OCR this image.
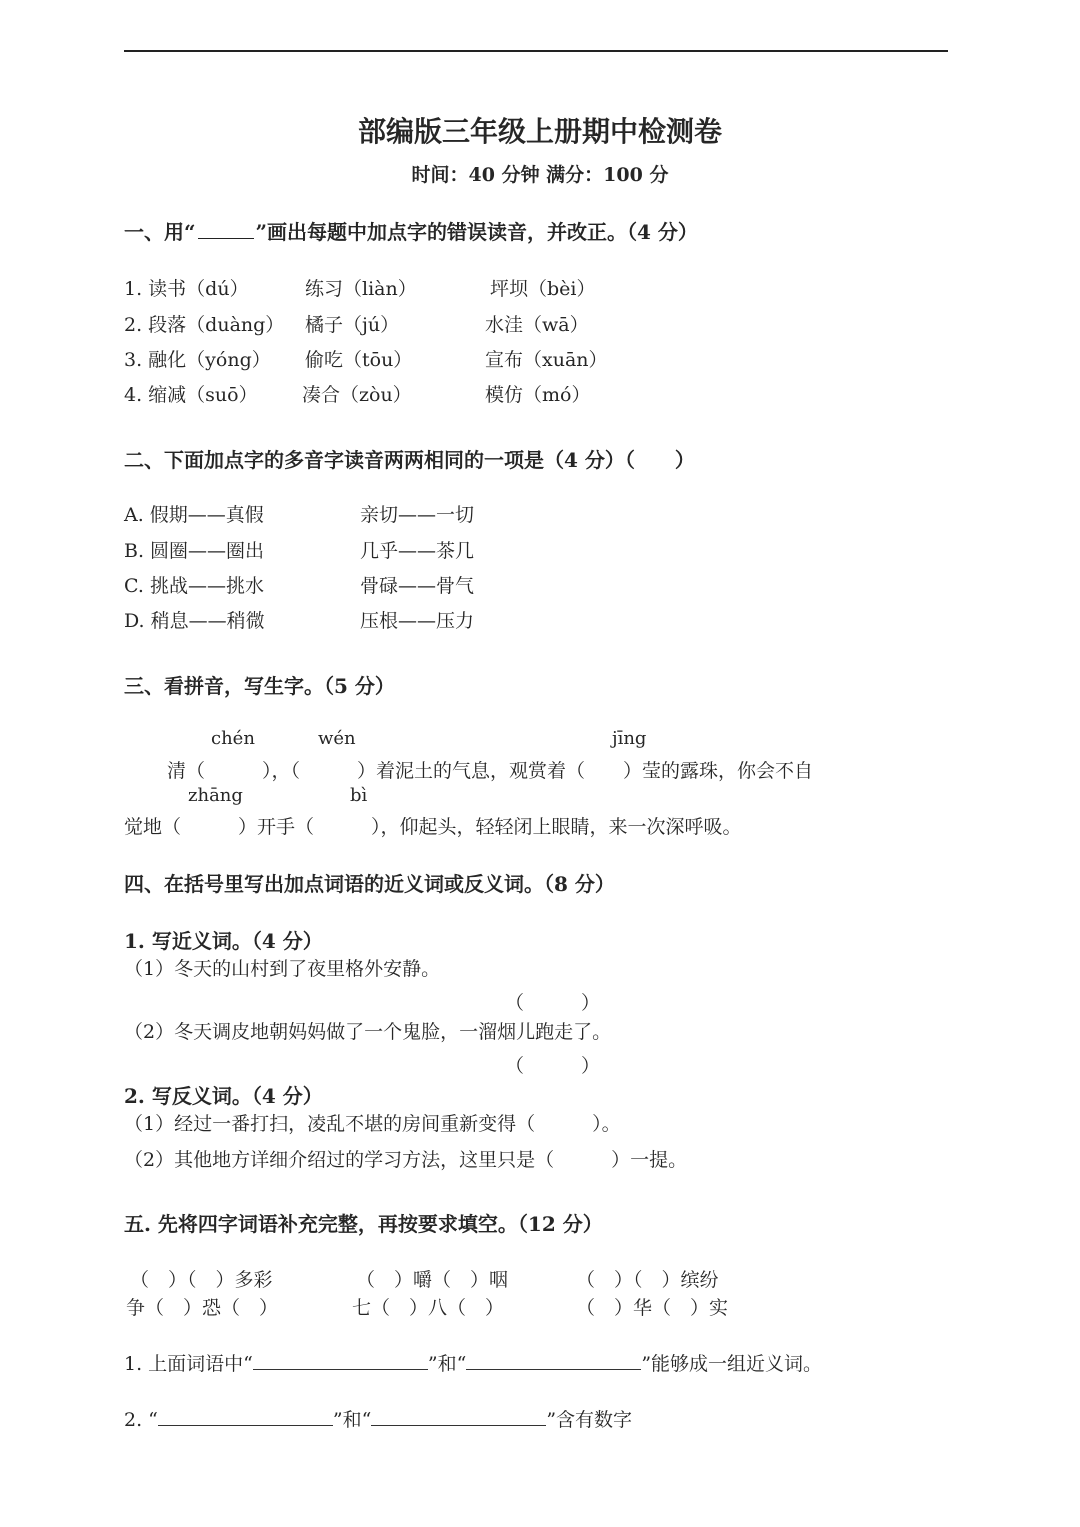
部编版三年级上册期中检测卷
时间：40 分钟 满分：100 分
一、用“	”画出每题中加点字的错误读音，并改正。（4 分）
1. 读书（dú）	练习（liàn）	坪坝（bèi）
2. 段落（duàng） 橘子（jú）	水洼（wā）
3. 融化（yóng） 偷吃（tōu）	宣布（xuān）
4. 缩减（suō） 凑合（zòu）	模仿（mó）
二、下面加点字的多音字读音两两相同的一项是（4 分）（　　）
A. 假期——真假	亲切——一切
B. 圆圈——圈出	几乎——茶几
C. 挑战——挑水	骨碌——骨气
D. 稍息——稍微	压根——压力
三、看拼音，写生字。（5 分）
chén	wén	jīng
清（　　　），（　　　）着泥土的气息，观赏着（　　）莹的露珠，你会不自
zhāng	bì
觉地（　　　）开手（　　　），仰起头，轻轻闭上眼睛，来一次深呼吸。
四、在括号里写出加点词语的近义词或反义词。（8 分）
1. 写近义词。（4 分）
（1）冬天的山村到了夜里格外安静。
（　　　）
（2）冬天调皮地朝妈妈做了一个鬼脸，一溜烟儿跑走了。
（　　　）
2. 写反义词。（4 分）
（1）经过一番打扫，凌乱不堪的房间重新变得（　　　）。
（2）其他地方详细介绍过的学习方法，这里只是（　　　）一提。
五. 先将四字词语补充完整，再按要求填空。（12 分）
（　）（　）多彩	（　）嚼（　）咽	（　）（　）缤纷
争（　）恐（　）	七（　）八（　）	（　）华（　）实
1. 上面词语中“	”和“	”能够成一组近义词。
2. “	”和“	”含有数字
